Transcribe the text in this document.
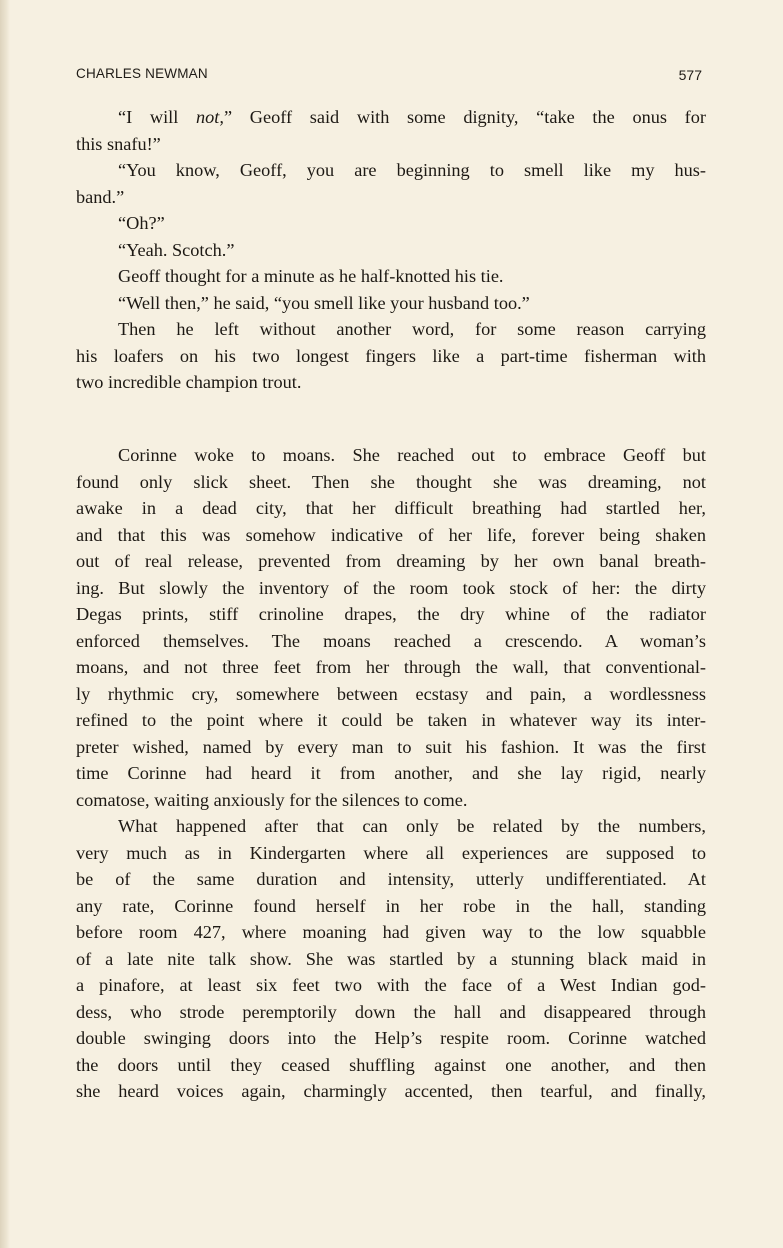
CHARLES NEWMAN	577

“I will not,” Geoff said with some dignity, “take the onus for
this snafu!”

“You know, Geoff, you are beginning to smell like my hus-
band.”

“Oh?”

“Yeah. Scotch.”

Geoff thought for a minute as he half-knotted his tie.

“Well then,” he said, “you smell like your husband too.”

Then he left without another word, for some reason carrying
his loafers on his two longest fingers like a part-time fisherman with
two incredible champion trout.

Corinne woke to moans. She reached out to embrace Geoff but
found only slick sheet. Then she thought she was dreaming, not
awake in a dead city, that her difficult breathing had startled her,
and that this was somehow indicative of her life, forever being shaken
out of real release, prevented from dreaming by her own banal breath-
ing. But slowly the inventory of the room took stock of her: the dirty
Degas prints, stiff crinoline drapes, the dry whine of the radiator
enforced themselves. The moans reached a crescendo. A woman’s
moans, and not three feet from her through the wall, that conventional-
ly rhythmic cry, somewhere between ecstasy and pain, a wordlessness
refined to the point where it could be taken in whatever way its inter-
preter wished, named by every man to suit his fashion. It was the first
time Corinne had heard it from another, and she lay rigid, nearly
comatose, waiting anxiously for the silences to come.

What happened after that can only be related by the numbers,
very much as in Kindergarten where all experiences are supposed to
be of the same duration and intensity, utterly undifferentiated. At
any rate, Corinne found herself in her robe in the hall, standing
before room 427, where moaning had given way to the low squabble
of a late nite talk show. She was startled by a stunning black maid in
a pinafore, at least six feet two with the face of a West Indian god-
dess, who strode peremptorily down the hall and disappeared through
double swinging doors into the Help’s respite room. Corinne watched
the doors until they ceased shuffling against one another, and then
she heard voices again, charmingly accented, then tearful, and finally,
